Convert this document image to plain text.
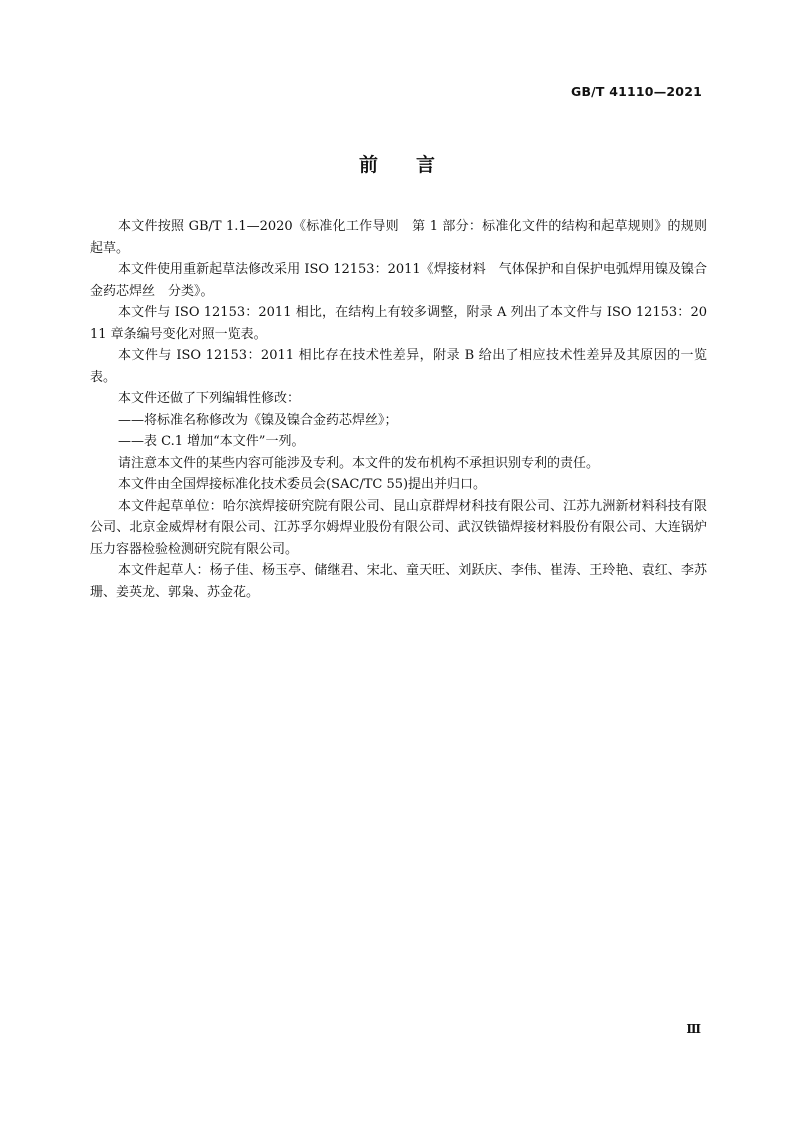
GB/T 41110—2021
前 言

本文件按照 GB/T 1.1—2020《标准化工作导则　第 1 部分：标准化文件的结构和起草规则》的规则起草。

本文件使用重新起草法修改采用 ISO 12153：2011《焊接材料　气体保护和自保护电弧焊用镍及镍合金药芯焊丝　分类》。

本文件与 ISO 12153：2011 相比，在结构上有较多调整，附录 A 列出了本文件与 ISO 12153：2011 章条编号变化对照一览表。

本文件与 ISO 12153：2011 相比存在技术性差异，附录 B 给出了相应技术性差异及其原因的一览表。

本文件还做了下列编辑性修改：

——将标准名称修改为《镍及镍合金药芯焊丝》；

——表 C.1 增加“本文件”一列。

请注意本文件的某些内容可能涉及专利。本文件的发布机构不承担识别专利的责任。

本文件由全国焊接标准化技术委员会(SAC/TC 55)提出并归口。

本文件起草单位：哈尔滨焊接研究院有限公司、昆山京群焊材科技有限公司、江苏九洲新材料科技有限公司、北京金威焊材有限公司、江苏孚尔姆焊业股份有限公司、武汉铁锚焊接材料股份有限公司、大连锅炉压力容器检验检测研究院有限公司。

本文件起草人：杨子佳、杨玉亭、储继君、宋北、童天旺、刘跃庆、李伟、崔涛、王玲艳、袁红、李苏珊、姜英龙、郭枭、苏金花。

Ⅲ
